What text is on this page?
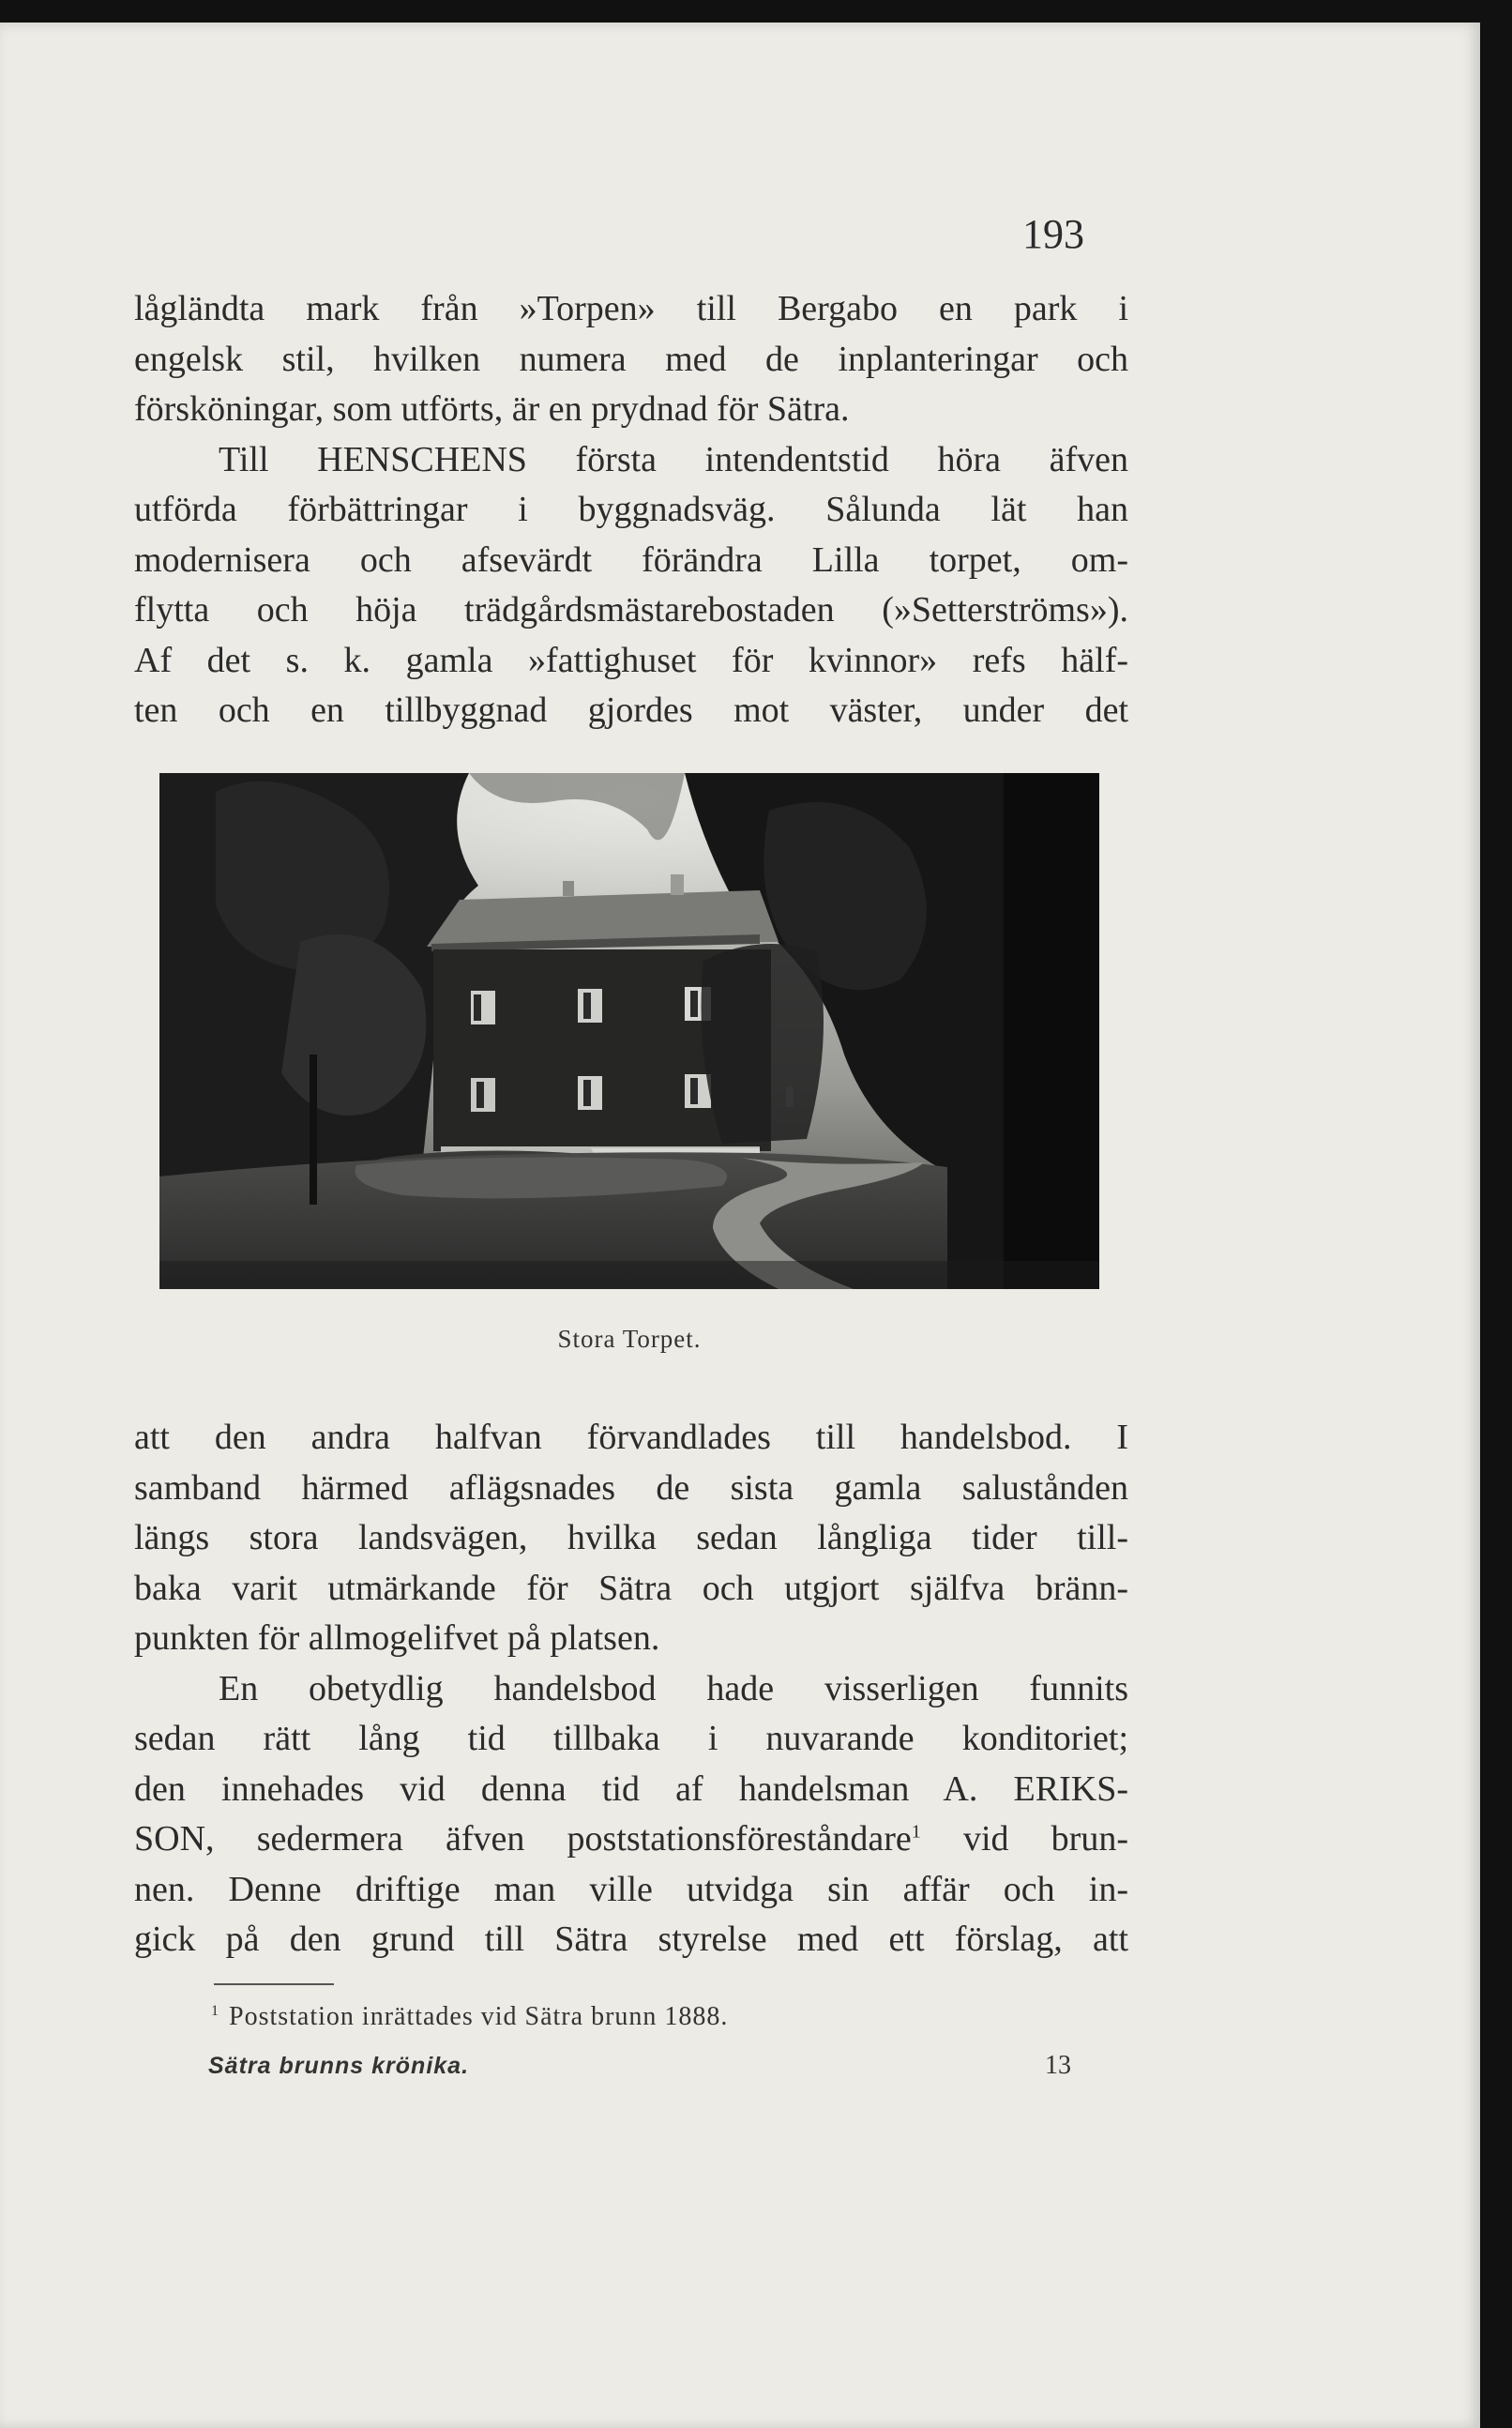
193
lågländta mark från »Torpen» till Bergabo en park i
engelsk stil, hvilken numera med de inplanteringar och
försköningar, som utförts, är en prydnad för Sätra.
Till HENSCHENS första intendentstid höra äfven
utförda förbättringar i byggnadsväg. Sålunda lät han
modernisera och afsevärdt förändra Lilla torpet, om-
flytta och höja trädgårdsmästarebostaden (»Setterströms»).
Af det s. k. gamla »fattighuset för kvinnor» refs hälf-
ten och en tillbyggnad gjordes mot väster, under det
Stora Torpet.
att den andra halfvan förvandlades till handelsbod. I
samband härmed aflägsnades de sista gamla salustånden
längs stora landsvägen, hvilka sedan långliga tider till-
baka varit utmärkande för Sätra och utgjort själfva bränn-
punkten för allmogelifvet på platsen.
En obetydlig handelsbod hade visserligen funnits
sedan rätt lång tid tillbaka i nuvarande konditoriet;
den innehades vid denna tid af handelsman A. ERIKS-
SON, sedermera äfven poststationsföreståndare$^1$ vid brun-
nen. Denne driftige man ville utvidga sin affär och in-
gick på den grund till Sätra styrelse med ett förslag, att
$^1$ Poststation inrättades vid Sätra brunn 1888.
Sätra brunns krönika.	13
